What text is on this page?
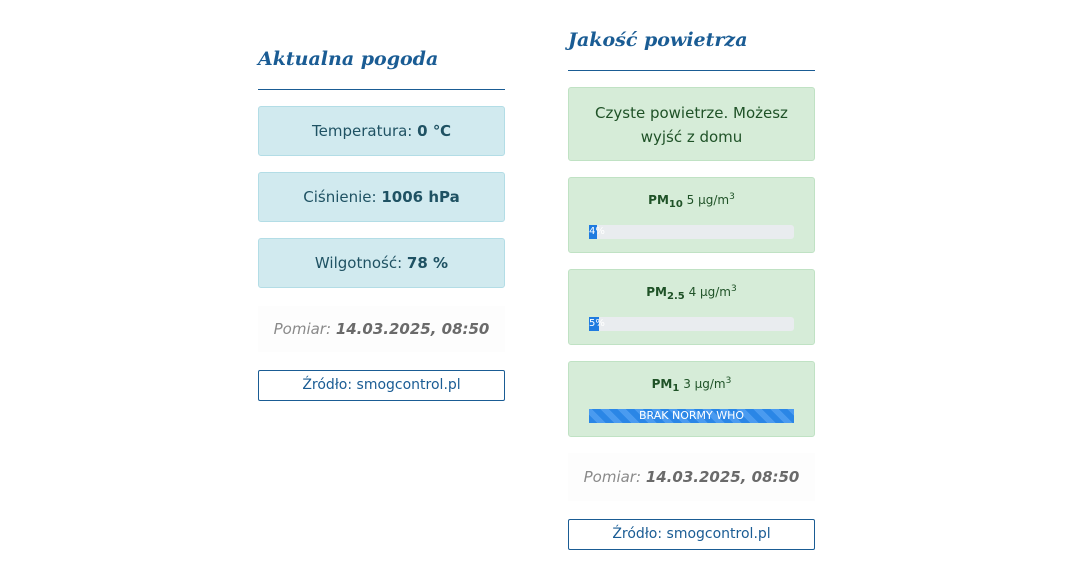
Aktualna pogoda
Temperatura: 0 ℃
Ciśnienie: 1006 hPa
Wilgotność: 78 %
Pomiar: 14.03.2025, 08:50
Źródło: smogcontrol.pl
Jakość powietrza
Czyste powietrze. Możesz
wyjść z domu
$PM_{10}$ 5 $\mu g/m^3$
4%
$PM_{2.5}$ 4 $\mu g/m^3$
5%
$PM_1$ 3 $\mu g/m^3$
BRAK NORMY WHO
Pomiar: 14.03.2025, 08:50
Źródło: smogcontrol.pl
